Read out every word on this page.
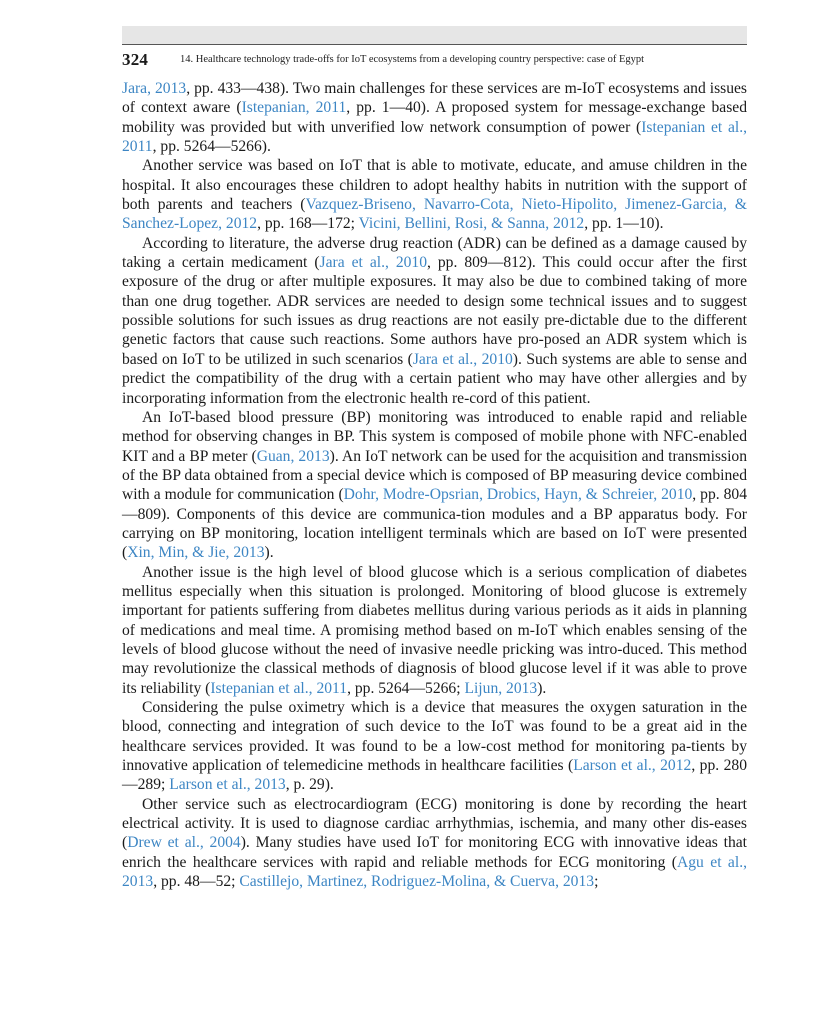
324	14. Healthcare technology trade-offs for IoT ecosystems from a developing country perspective: case of Egypt

Jara, 2013, pp. 433—438). Two main challenges for these services are m-IoT ecosystems and issues of context aware (Istepanian, 2011, pp. 1—40). A proposed system for message-exchange based mobility was provided but with unverified low network consumption of power (Istepanian et al., 2011, pp. 5264—5266).

Another service was based on IoT that is able to motivate, educate, and amuse children in the hospital. It also encourages these children to adopt healthy habits in nutrition with the support of both parents and teachers (Vazquez-Briseno, Navarro-Cota, Nieto-Hipolito, Jimenez-Garcia, & Sanchez-Lopez, 2012, pp. 168—172; Vicini, Bellini, Rosi, & Sanna, 2012, pp. 1—10).

According to literature, the adverse drug reaction (ADR) can be defined as a damage caused by taking a certain medicament (Jara et al., 2010, pp. 809—812). This could occur after the first exposure of the drug or after multiple exposures. It may also be due to combined taking of more than one drug together. ADR services are needed to design some technical issues and to suggest possible solutions for such issues as drug reactions are not easily pre-dictable due to the different genetic factors that cause such reactions. Some authors have pro-posed an ADR system which is based on IoT to be utilized in such scenarios (Jara et al., 2010). Such systems are able to sense and predict the compatibility of the drug with a certain patient who may have other allergies and by incorporating information from the electronic health re-cord of this patient.

An IoT-based blood pressure (BP) monitoring was introduced to enable rapid and reliable method for observing changes in BP. This system is composed of mobile phone with NFC-enabled KIT and a BP meter (Guan, 2013). An IoT network can be used for the acquisition and transmission of the BP data obtained from a special device which is composed of BP measuring device combined with a module for communication (Dohr, Modre-Opsrian, Drobics, Hayn, & Schreier, 2010, pp. 804—809). Components of this device are communica-tion modules and a BP apparatus body. For carrying on BP monitoring, location intelligent terminals which are based on IoT were presented (Xin, Min, & Jie, 2013).

Another issue is the high level of blood glucose which is a serious complication of diabetes mellitus especially when this situation is prolonged. Monitoring of blood glucose is extremely important for patients suffering from diabetes mellitus during various periods as it aids in planning of medications and meal time. A promising method based on m-IoT which enables sensing of the levels of blood glucose without the need of invasive needle pricking was intro-duced. This method may revolutionize the classical methods of diagnosis of blood glucose level if it was able to prove its reliability (Istepanian et al., 2011, pp. 5264—5266; Lijun, 2013).

Considering the pulse oximetry which is a device that measures the oxygen saturation in the blood, connecting and integration of such device to the IoT was found to be a great aid in the healthcare services provided. It was found to be a low-cost method for monitoring pa-tients by innovative application of telemedicine methods in healthcare facilities (Larson et al., 2012, pp. 280—289; Larson et al., 2013, p. 29).

Other service such as electrocardiogram (ECG) monitoring is done by recording the heart electrical activity. It is used to diagnose cardiac arrhythmias, ischemia, and many other dis-eases (Drew et al., 2004). Many studies have used IoT for monitoring ECG with innovative ideas that enrich the healthcare services with rapid and reliable methods for ECG monitoring (Agu et al., 2013, pp. 48—52; Castillejo, Martinez, Rodriguez-Molina, & Cuerva, 2013;
